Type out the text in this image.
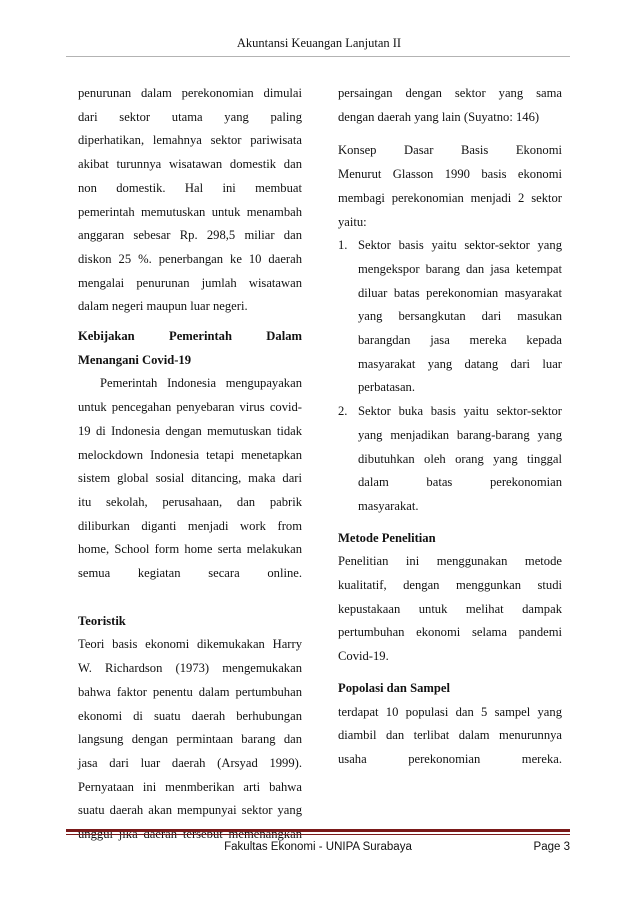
Akuntansi Keuangan Lanjutan II

penurunan dalam perekonomian dimulai
dari sektor utama yang paling
diperhatikan, lemahnya sektor pariwisata
akibat turunnya wisatawan domestik dan
non domestik. Hal ini membuat
pemerintah memutuskan untuk menambah
anggaran sebesar Rp. 298,5 miliar dan
diskon 25 %. penerbangan ke 10 daerah
mengalai penurunan jumlah wisatawan
dalam negeri maupun luar negeri.

Kebijakan Pemerintah Dalam
Menangani Covid-19

Pemerintah Indonesia mengupayakan
untuk pencegahan penyebaran virus covid-
19 di Indonesia dengan memutuskan tidak
melockdown Indonesia tetapi menetapkan
sistem global sosial ditancing, maka dari
itu sekolah, perusahaan, dan pabrik
diliburkan diganti menjadi work from
home, School form home serta melakukan
semua kegiatan secara online.

Teoristik

Teori basis ekonomi dikemukakan Harry
W. Richardson (1973) mengemukakan
bahwa faktor penentu dalam pertumbuhan
ekonomi di suatu daerah berhubungan
langsung dengan permintaan barang dan
jasa dari luar daerah (Arsyad 1999).
Pernyataan ini menmberikan arti bahwa
suatu daerah akan mempunyai sektor yang
unggul jika daerah tersebut memenangkan

persaingan dengan sektor yang sama
dengan daerah yang lain (Suyatno: 146)

Konsep Dasar Basis Ekonomi
Menurut Glasson 1990 basis ekonomi
membagi perekonomian menjadi 2 sektor
yaitu:

1. Sektor basis yaitu sektor-sektor yang
mengekspor barang dan jasa ketempat
diluar batas perekonomian masyarakat
yang bersangkutan dari masukan
barangdan jasa mereka kepada
masyarakat yang datang dari luar
perbatasan.
2. Sektor buka basis yaitu sektor-sektor
yang menjadikan barang-barang yang
dibutuhkan oleh orang yang tinggal
dalam batas perekonomian
masyarakat.
Metode Penelitian

Penelitian ini menggunakan metode
kualitatif, dengan menggunkan studi
kepustakaan untuk melihat dampak
pertumbuhan ekonomi selama pandemi
Covid-19.

Popolasi dan Sampel

terdapat 10 populasi dan 5 sampel yang
diambil dan terlibat dalam menurunnya
usaha perekonomian mereka.

Fakultas Ekonomi - UNIPA Surabaya	Page 3
